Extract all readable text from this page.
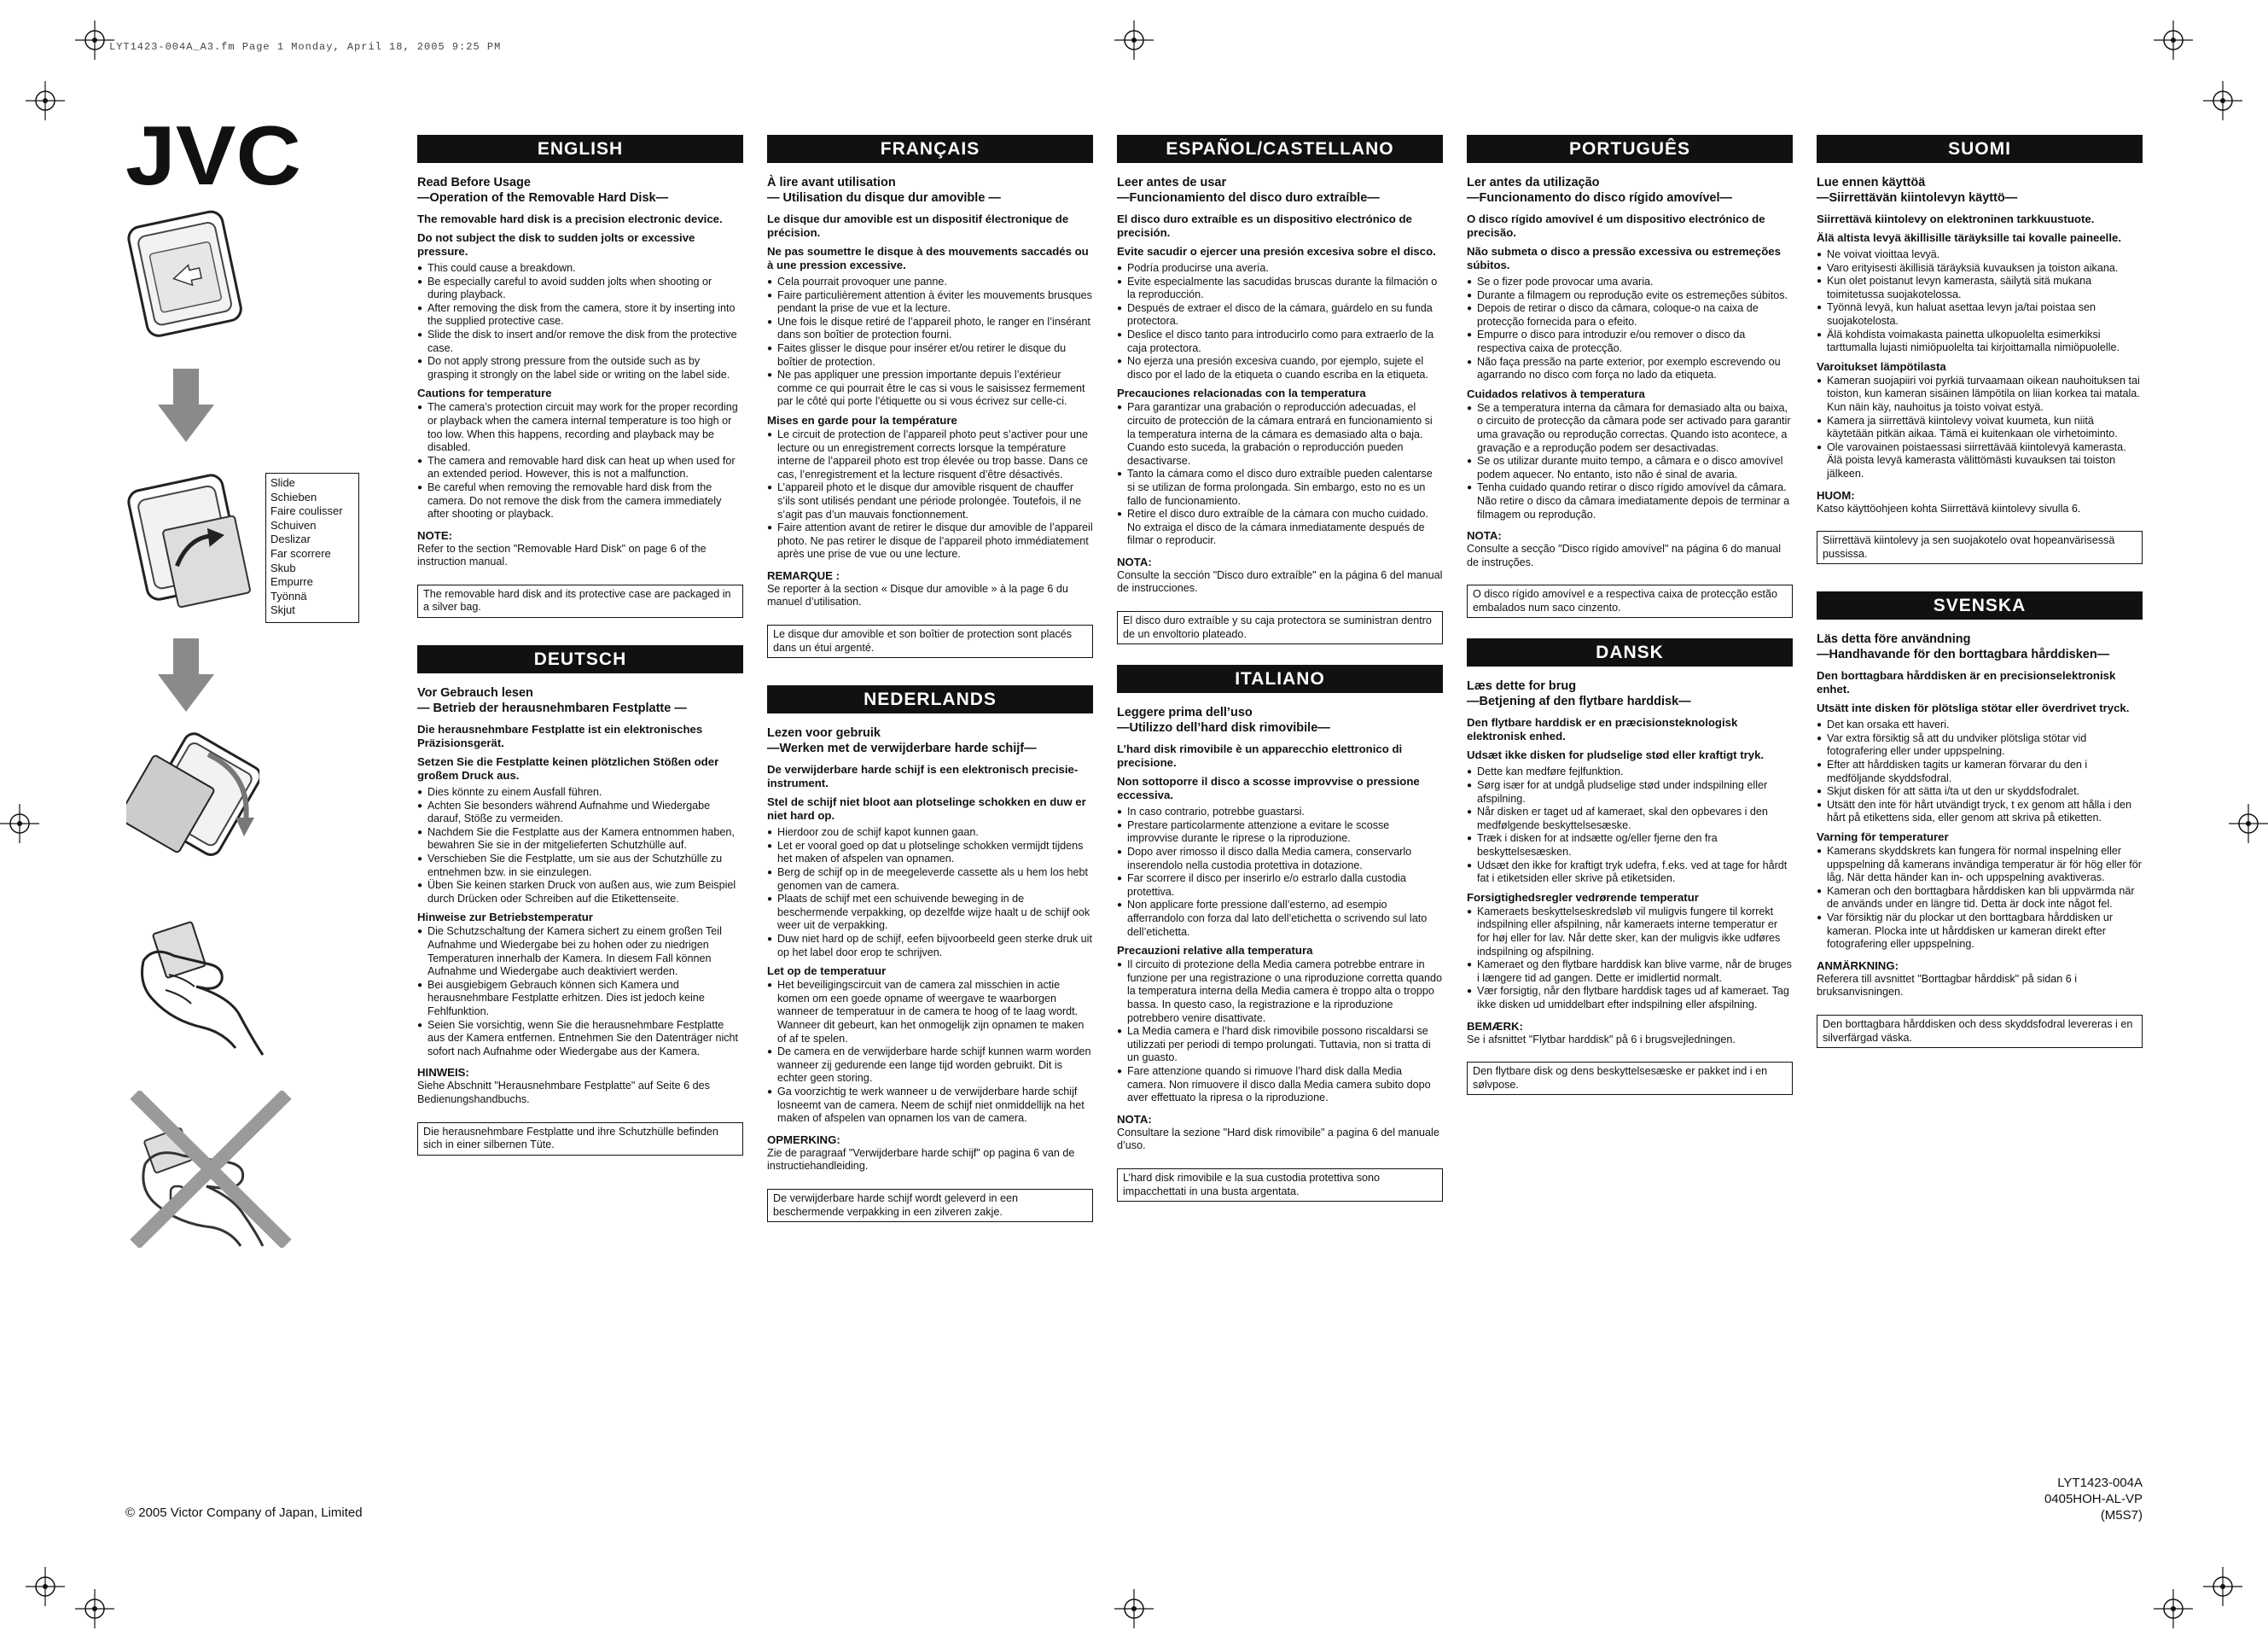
LYT1423-004A_A3.fm Page 1 Monday, April 18, 2005 9:25 PM
JVC
Slide
Schieben
Faire coulisser
Schuiven
Deslizar
Far scorrere
Skub
Empurre
Työnnä
Skjut
ENGLISH
Read Before Usage
—Operation of the Removable Hard Disk—
The removable hard disk is a precision electronic device.
Do not subject the disk to sudden jolts or excessive pressure.
● This could cause a breakdown.
● Be especially careful to avoid sudden jolts when shooting or during playback.
● After removing the disk from the camera, store it by inserting into the supplied protective case.
● Slide the disk to insert and/or remove the disk from the protective case.
● Do not apply strong pressure from the outside such as by grasping it strongly on the label side or writing on the label side.
Cautions for temperature
● The camera’s protection circuit may work for the proper recording or playback when the camera internal temperature is too high or too low. When this happens, recording and playback may be disabled.
● The camera and removable hard disk can heat up when used for an extended period. However, this is not a malfunction.
● Be careful when removing the removable hard disk from the camera. Do not remove the disk from the camera immediately after shooting or playback.
NOTE:
Refer to the section "Removable Hard Disk" on page 6 of the instruction manual.
The removable hard disk and its protective case are packaged in a silver bag.
DEUTSCH
Vor Gebrauch lesen
— Betrieb der herausnehmbaren Festplatte —
Die herausnehmbare Festplatte ist ein elektronisches Präzisionsgerät.
Setzen Sie die Festplatte keinen plötzlichen Stößen oder großem Druck aus.
● Dies könnte zu einem Ausfall führen.
● Achten Sie besonders während Aufnahme und Wiedergabe darauf, Stöße zu vermeiden.
● Nachdem Sie die Festplatte aus der Kamera entnommen haben, bewahren Sie sie in der mitgelieferten Schutzhülle auf.
● Verschieben Sie die Festplatte, um sie aus der Schutzhülle zu entnehmen bzw. in sie einzulegen.
● Üben Sie keinen starken Druck von außen aus, wie zum Beispiel durch Drücken oder Schreiben auf die Etikettenseite.
Hinweise zur Betriebstemperatur
● Die Schutzschaltung der Kamera sichert zu einem großen Teil Aufnahme und Wiedergabe bei zu hohen oder zu niedrigen Temperaturen innerhalb der Kamera. In diesem Fall können Aufnahme und Wiedergabe auch deaktiviert werden.
● Bei ausgiebigem Gebrauch können sich Kamera und herausnehmbare Festplatte erhitzen. Dies ist jedoch keine Fehlfunktion.
● Seien Sie vorsichtig, wenn Sie die herausnehmbare Festplatte aus der Kamera entfernen. Entnehmen Sie den Datenträger nicht sofort nach Aufnahme oder Wiedergabe aus der Kamera.
HINWEIS:
Siehe Abschnitt "Herausnehmbare Festplatte" auf Seite 6 des Bedienungshandbuchs.
Die herausnehmbare Festplatte und ihre Schutzhülle befinden sich in einer silbernen Tüte.
FRANÇAIS
À lire avant utilisation
— Utilisation du disque dur amovible —
Le disque dur amovible est un dispositif électronique de précision.
Ne pas soumettre le disque à des mouvements saccadés ou à une pression excessive.
● Cela pourrait provoquer une panne.
● Faire particulièrement attention à éviter les mouvements brusques pendant la prise de vue et la lecture.
● Une fois le disque retiré de l’appareil photo, le ranger en l’insérant dans son boîtier de protection fourni.
● Faites glisser le disque pour insérer et/ou retirer le disque du boîtier de protection.
● Ne pas appliquer une pression importante depuis l’extérieur comme ce qui pourrait être le cas si vous le saisissez fermement par le côté qui porte l’étiquette ou si vous écrivez sur celle-ci.
Mises en garde pour la température
● Le circuit de protection de l’appareil photo peut s’activer pour une lecture ou un enregistrement corrects lorsque la température interne de l’appareil photo est trop élevée ou trop basse. Dans ce cas, l’enregistrement et la lecture risquent d’être désactivés.
● L’appareil photo et le disque dur amovible risquent de chauffer s’ils sont utilisés pendant une période prolongée. Toutefois, il ne s’agit pas d’un mauvais fonctionnement.
● Faire attention avant de retirer le disque dur amovible de l’appareil photo. Ne pas retirer le disque de l’appareil photo immédiatement après une prise de vue ou une lecture.
REMARQUE :
Se reporter à la section « Disque dur amovible » à la page 6 du manuel d’utilisation.
Le disque dur amovible et son boîtier de protection sont placés dans un étui argenté.
NEDERLANDS
Lezen voor gebruik
—Werken met de verwijderbare harde schijf—
De verwijderbare harde schijf is een elektronisch precisie-instrument.
Stel de schijf niet bloot aan plotselinge schokken en duw er niet hard op.
● Hierdoor zou de schijf kapot kunnen gaan.
● Let er vooral goed op dat u plotselinge schokken vermijdt tijdens het maken of afspelen van opnamen.
● Berg de schijf op in de meegeleverde cassette als u hem los hebt genomen van de camera.
● Plaats de schijf met een schuivende beweging in de beschermende verpakking, op dezelfde wijze haalt u de schijf ook weer uit de verpakking.
● Duw niet hard op de schijf, eefen bijvoorbeeld geen sterke druk uit op het label door erop te schrijven.
Let op de temperatuur
● Het beveiligingscircuit van de camera zal misschien in actie komen om een goede opname of weergave te waarborgen wanneer de temperatuur in de camera te hoog of te laag wordt. Wanneer dit gebeurt, kan het onmogelijk zijn opnamen te maken of af te spelen.
● De camera en de verwijderbare harde schijf kunnen warm worden wanneer zij gedurende een lange tijd worden gebruikt. Dit is echter geen storing.
● Ga voorzichtig te werk wanneer u de verwijderbare harde schijf losneemt van de camera. Neem de schijf niet onmiddellijk na het maken of afspelen van opnamen los van de camera.
OPMERKING:
Zie de paragraaf "Verwijderbare harde schijf" op pagina 6 van de instructiehandleiding.
De verwijderbare harde schijf wordt geleverd in een beschermende verpakking in een zilveren zakje.
ESPAÑOL/CASTELLANO
Leer antes de usar
—Funcionamiento del disco duro extraíble—
El disco duro extraíble es un dispositivo electrónico de precisión.
Evite sacudir o ejercer una presión excesiva sobre el disco.
● Podría producirse una avería.
● Evite especialmente las sacudidas bruscas durante la filmación o la reproducción.
● Después de extraer el disco de la cámara, guárdelo en su funda protectora.
● Deslice el disco tanto para introducirlo como para extraerlo de la caja protectora.
● No ejerza una presión excesiva cuando, por ejemplo, sujete el disco por el lado de la etiqueta o cuando escriba en la etiqueta.
Precauciones relacionadas con la temperatura
● Para garantizar una grabación o reproducción adecuadas, el circuito de protección de la cámara entrará en funcionamiento si la temperatura interna de la cámara es demasiado alta o baja. Cuando esto suceda, la grabación o reproducción pueden desactivarse.
● Tanto la cámara como el disco duro extraíble pueden calentarse si se utilizan de forma prolongada. Sin embargo, esto no es un fallo de funcionamiento.
● Retire el disco duro extraíble de la cámara con mucho cuidado. No extraiga el disco de la cámara inmediatamente después de filmar o reproducir.
NOTA:
Consulte la sección "Disco duro extraíble" en la página 6 del manual de instrucciones.
El disco duro extraíble y su caja protectora se suministran dentro de un envoltorio plateado.
ITALIANO
Leggere prima dell’uso
—Utilizzo dell’hard disk rimovibile—
L’hard disk rimovibile è un apparecchio elettronico di precisione.
Non sottoporre il disco a scosse improvvise o pressione eccessiva.
● In caso contrario, potrebbe guastarsi.
● Prestare particolarmente attenzione a evitare le scosse improvvise durante le riprese o la riproduzione.
● Dopo aver rimosso il disco dalla Media camera, conservarlo inserendolo nella custodia protettiva in dotazione.
● Far scorrere il disco per inserirlo e/o estrarlo dalla custodia protettiva.
● Non applicare forte pressione dall’esterno, ad esempio afferrandolo con forza dal lato dell’etichetta o scrivendo sul lato dell’etichetta.
Precauzioni relative alla temperatura
● Il circuito di protezione della Media camera potrebbe entrare in funzione per una registrazione o una riproduzione corretta quando la temperatura interna della Media camera è troppo alta o troppo bassa. In questo caso, la registrazione e la riproduzione potrebbero venire disattivate.
● La Media camera e l’hard disk rimovibile possono riscaldarsi se utilizzati per periodi di tempo prolungati. Tuttavia, non si tratta di un guasto.
● Fare attenzione quando si rimuove l’hard disk dalla Media camera. Non rimuovere il disco dalla Media camera subito dopo aver effettuato la ripresa o la riproduzione.
NOTA:
Consultare la sezione "Hard disk rimovibile" a pagina 6 del manuale d’uso.
L’hard disk rimovibile e la sua custodia protettiva sono impacchettati in una busta argentata.
PORTUGUÊS
Ler antes da utilização
—Funcionamento do disco rígido amovível—
O disco rígido amovível é um dispositivo electrónico de precisão.
Não submeta o disco a pressão excessiva ou estremeções súbitos.
● Se o fizer pode provocar uma avaria.
● Durante a filmagem ou reprodução evite os estremeções súbitos.
● Depois de retirar o disco da câmara, coloque-o na caixa de protecção fornecida para o efeito.
● Empurre o disco para introduzir e/ou remover o disco da respectiva caixa de protecção.
● Não faça pressão na parte exterior, por exemplo escrevendo ou agarrando no disco com força no lado da etiqueta.
Cuidados relativos à temperatura
● Se a temperatura interna da câmara for demasiado alta ou baixa, o circuito de protecção da câmara pode ser activado para garantir uma gravação ou reprodução correctas. Quando isto acontece, a gravação e a reprodução podem ser desactivadas.
● Se os utilizar durante muito tempo, a câmara e o disco amovível podem aquecer. No entanto, isto não é sinal de avaria.
● Tenha cuidado quando retirar o disco rígido amovível da câmara. Não retire o disco da câmara imediatamente depois de terminar a filmagem ou reprodução.
NOTA:
Consulte a secção "Disco rígido amovível" na página 6 do manual de instruções.
O disco rígido amovível e a respectiva caixa de protecção estão embalados num saco cinzento.
DANSK
Læs dette for brug
—Betjening af den flytbare harddisk—
Den flytbare harddisk er en præcisionsteknologisk elektronisk enhed.
Udsæt ikke disken for pludselige stød eller kraftigt tryk.
● Dette kan medføre fejlfunktion.
● Sørg især for at undgå pludselige stød under indspilning eller afspilning.
● Når disken er taget ud af kameraet, skal den opbevares i den medfølgende beskyttelsesæske.
● Træk i disken for at indsætte og/eller fjerne den fra beskyttelsesæsken.
● Udsæt den ikke for kraftigt tryk udefra, f.eks. ved at tage for hårdt fat i etiketsiden eller skrive på etiketsiden.
Forsigtighedsregler vedrørende temperatur
● Kameraets beskyttelseskredsløb vil muligvis fungere til korrekt indspilning eller afspilning, når kameraets interne temperatur er for høj eller for lav. Når dette sker, kan der muligvis ikke udføres indspilning og afspilning.
● Kameraet og den flytbare harddisk kan blive varme, når de bruges i længere tid ad gangen. Dette er imidlertid normalt.
● Vær forsigtig, når den flytbare harddisk tages ud af kameraet. Tag ikke disken ud umiddelbart efter indspilning eller afspilning.
BEMÆRK:
Se i afsnittet "Flytbar harddisk" på 6 i brugsvejledningen.
Den flytbare disk og dens beskyttelsesæske er pakket ind i en sølvpose.
SUOMI
Lue ennen käyttöä
—Siirrettävän kiintolevyn käyttö—
Siirrettävä kiintolevy on elektroninen tarkkuustuote.
Älä altista levyä äkillisille täräyksille tai kovalle paineelle.
● Ne voivat vioittaa levyä.
● Varo erityisesti äkillisiä täräyksiä kuvauksen ja toiston aikana.
● Kun olet poistanut levyn kamerasta, säilytä sitä mukana toimitetussa suojakotelossa.
● Työnnä levyä, kun haluat asettaa levyn ja/tai poistaa sen suojakotelosta.
● Älä kohdista voimakasta painetta ulkopuolelta esimerkiksi tarttumalla lujasti nimiöpuolelta tai kirjoittamalla nimiöpuolelle.
Varoitukset lämpötilasta
● Kameran suojapiiri voi pyrkiä turvaamaan oikean nauhoituksen tai toiston, kun kameran sisäinen lämpötila on liian korkea tai matala. Kun näin käy, nauhoitus ja toisto voivat estyä.
● Kamera ja siirrettävä kiintolevy voivat kuumeta, kun niitä käytetään pitkän aikaa. Tämä ei kuitenkaan ole virhetoiminto.
● Ole varovainen poistaessasi siirrettävää kiintolevyä kamerasta. Älä poista levyä kamerasta välittömästi kuvauksen tai toiston jälkeen.
HUOM:
Katso käyttöohjeen kohta Siirrettävä kiintolevy sivulla 6.
Siirrettävä kiintolevy ja sen suojakotelo ovat hopeanvärisessä pussissa.
SVENSKA
Läs detta före användning
—Handhavande för den borttagbara hårddisken—
Den borttagbara hårddisken är en precisionselektronisk enhet.
Utsätt inte disken för plötsliga stötar eller överdrivet tryck.
● Det kan orsaka ett haveri.
● Var extra försiktig så att du undviker plötsliga stötar vid fotografering eller under uppspelning.
● Efter att hårddisken tagits ur kameran förvarar du den i medföljande skyddsfodral.
● Skjut disken för att sätta i/ta ut den ur skyddsfodralet.
● Utsätt den inte för hårt utvändigt tryck, t ex genom att hålla i den hårt på etikettens sida, eller genom att skriva på etiketten.
Varning för temperaturer
● Kamerans skyddskrets kan fungera för normal inspelning eller uppspelning då kamerans invändiga temperatur är för hög eller för låg. När detta händer kan in- och uppspelning avaktiveras.
● Kameran och den borttagbara hårddisken kan bli uppvärmda när de används under en längre tid. Detta är dock inte något fel.
● Var försiktig när du plockar ut den borttagbara hårddisken ur kameran. Plocka inte ut hårddisken ur kameran direkt efter fotografering eller uppspelning.
ANMÄRKNING:
Referera till avsnittet "Borttagbar hårddisk" på sidan 6 i bruksanvisningen.
Den borttagbara hårddisken och dess skyddsfodral levereras i en silverfärgad väska.
© 2005 Victor Company of Japan, Limited
LYT1423-004A
0405HOH-AL-VP
(M5S7)
